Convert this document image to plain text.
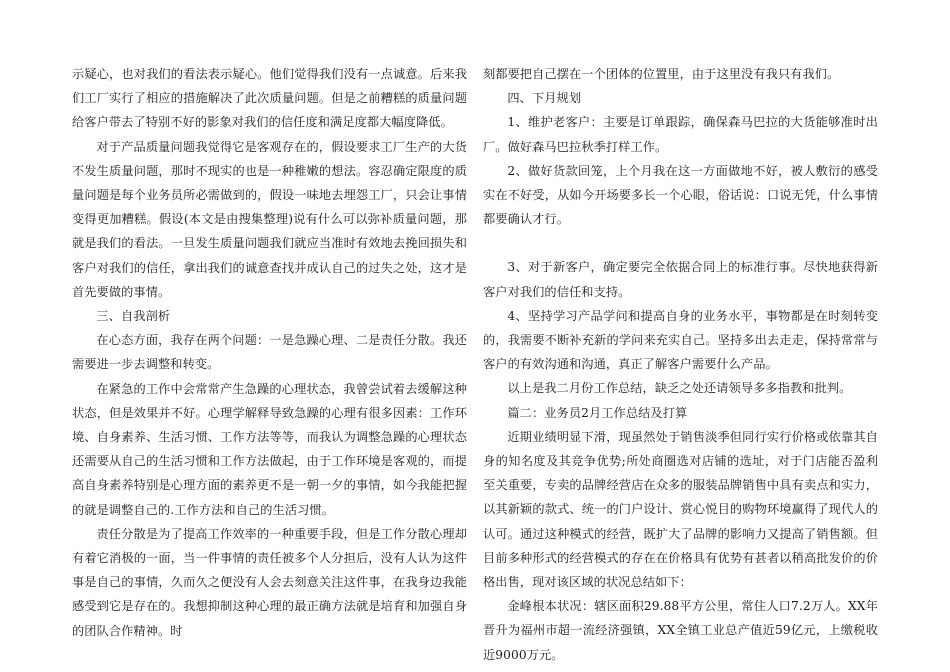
示疑心，也对我们的看法表示疑心。他们觉得我们没有一点诚意。后来我们工厂实行了相应的措施解决了此次质量问题。但是之前糟糕的质量问题给客户带去了特别不好的影象对我们的信任度和满足度都大幅度降低。

对于产品质量问题我觉得它是客观存在的，假设要求工厂生产的大货不发生质量问题，那时不现实的也是一种稚嫩的想法。容忍确定限度的质量问题是每个业务员所必需做到的，假设一味地去埋怨工厂，只会让事情变得更加糟糕。假设(本文是由搜集整理)说有什么可以弥补质量问题，那就是我们的看法。一旦发生质量问题我们就应当准时有效地去挽回损失和客户对我们的信任，拿出我们的诚意查找并成认自己的过失之处，这才是首先要做的事情。

三、自我剖析

在心态方面，我存在两个问题：一是急躁心理、二是责任分散。我还需要进一步去调整和转变。

在紧急的工作中会常常产生急躁的心理状态，我曾尝试着去缓解这种状态，但是效果并不好。心理学解释导致急躁的心理有很多因素：工作环境、自身素养、生活习惯、工作方法等等，而我认为调整急躁的心理状态还需要从自己的生活习惯和工作方法做起，由于工作环境是客观的，而提高自身素养特别是心理方面的素养更不是一朝一夕的事情，如今我能把握的就是调整自己的.工作方法和自己的生活习惯。

责任分散是为了提高工作效率的一种重要手段，但是工作分散心理却有着它消极的一面，当一件事情的责任被多个人分担后，没有人认为这件事是自己的事情，久而久之便没有人会去刻意关注这件事，在我身边我能感受到它是存在的。我想抑制这种心理的最正确方法就是培育和加强自身的团队合作精神。时

刻都要把自己摆在一个团体的位置里，由于这里没有我只有我们。

四、下月规划

1、维护老客户：主要是订单跟踪，确保森马巴拉的大货能够准时出厂。做好森马巴拉秋季打样工作。

2、做好货款回笼，上个月我在这一方面做地不好，被人敷衍的感受实在不好受，从如今开场要多长一个心眼，俗话说：口说无凭，什么事情都要确认才行。

3、对于新客户，确定要完全依据合同上的标准行事。尽快地获得新客户对我们的信任和支持。

4、坚持学习产品学问和提高自身的业务水平，事物都是在时刻转变的，我需要不断补充新的学问来充实自己。坚持多出去走走，保持常常与客户的有效沟通和沟通，真正了解客户需要什么产品。

以上是我二月份工作总结，缺乏之处还请领导多多指教和批判。

篇二：业务员2月工作总结及打算

近期业绩明显下滑，现虽然处于销售淡季但同行实行价格或依靠其自身的知名度及其竞争优势;所处商圈选对店铺的选址，对于门店能否盈利至关重要，专卖的品牌经营店在众多的服装品牌销售中具有卖点和实力，以其新颖的款式、统一的门户设计、赏心悦目的购物环境赢得了现代人的认可。通过这种模式的经营，既扩大了品牌的影响力又提高了销售额。但目前多种形式的经营模式的存在在价格具有优势有甚者以稍高批发价的价格出售，现对该区域的状况总结如下：

金峰根本状况：辖区面积29.88平方公里，常住人口7.2万人。XX年晋升为福州市超一流经济强镇，XX全镇工业总产值近59亿元，上缴税收近9000万元。
